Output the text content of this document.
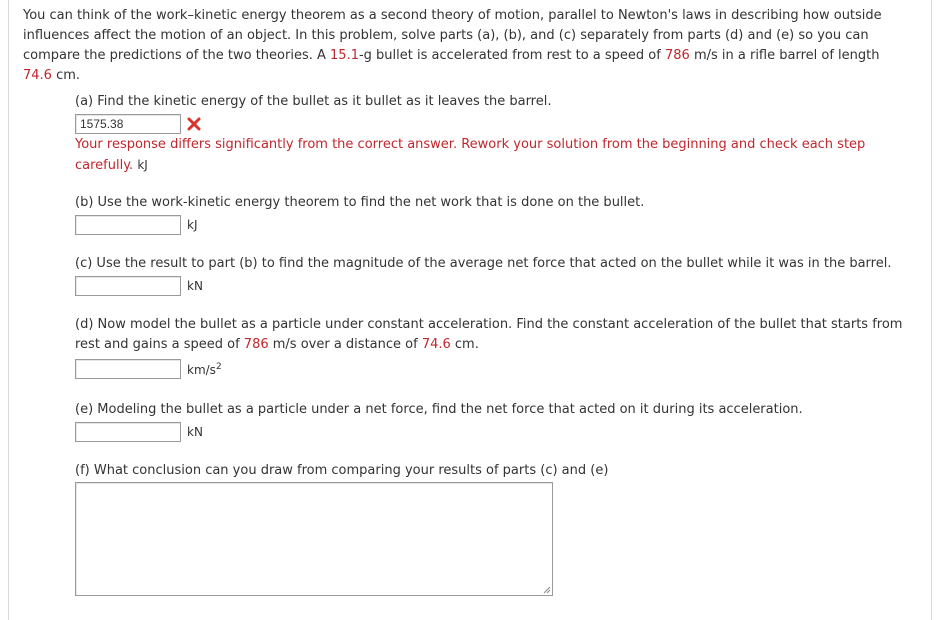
You can think of the work–kinetic energy theorem as a second theory of motion, parallel to Newton's laws in describing how outside influences affect the motion of an object. In this problem, solve parts (a), (b), and (c) separately from parts (d) and (e) so you can compare the predictions of the two theories. A 15.1-g bullet is accelerated from rest to a speed of 786 m/s in a rifle barrel of length 74.6 cm.

(a) Find the kinetic energy of the bullet as it bullet as it leaves the barrel.

1575.38

Your response differs significantly from the correct answer. Rework your solution from the beginning and check each step carefully. kJ

(b) Use the work-kinetic energy theorem to find the net work that is done on the bullet.

kJ

(c) Use the result to part (b) to find the magnitude of the average net force that acted on the bullet while it was in the barrel.

kN

(d) Now model the bullet as a particle under constant acceleration. Find the constant acceleration of the bullet that starts from rest and gains a speed of 786 m/s over a distance of 74.6 cm.

$km/s^2$

(e) Modeling the bullet as a particle under a net force, find the net force that acted on it during its acceleration.

kN

(f) What conclusion can you draw from comparing your results of parts (c) and (e)
